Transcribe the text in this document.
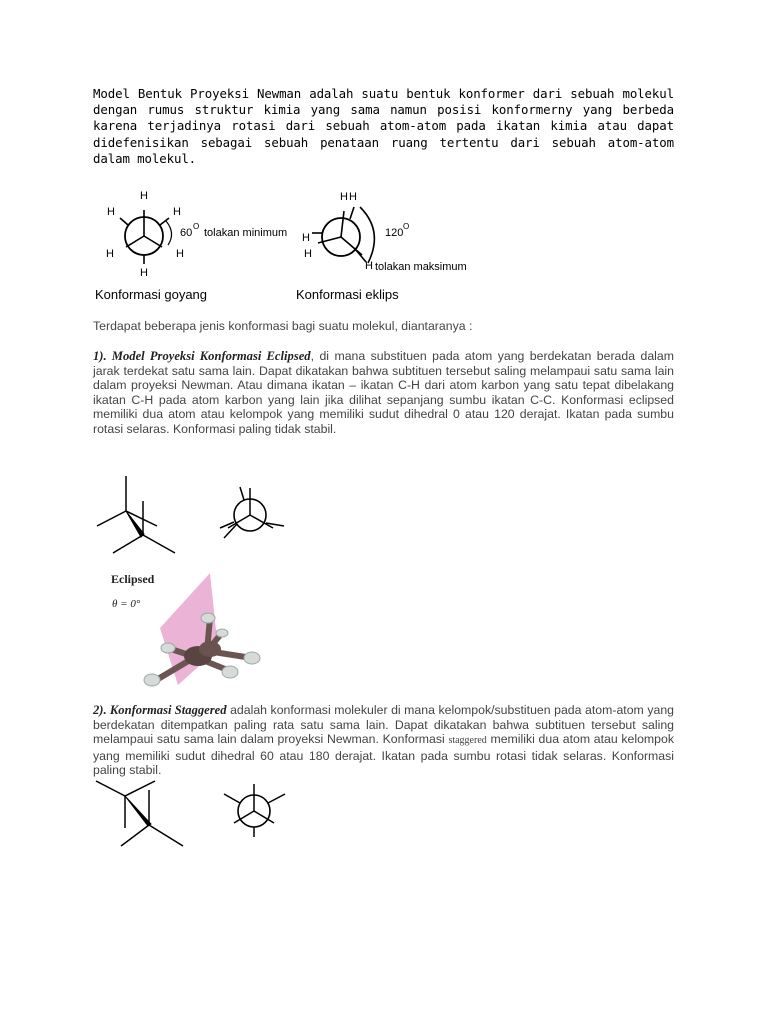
Model Bentuk Proyeksi Newman adalah suatu bentuk konformer dari sebuah molekul dengan rumus struktur kimia yang sama namun posisi konformerny yang berbeda karena terjadinya rotasi dari sebuah atom-atom pada ikatan kimia atau dapat didefenisikan sebagai sebuah penataan ruang tertentu dari sebuah atom-atom dalam molekul.
H
H	H
H	H
H
60
O
tolakan minimum
H H
H
H
H
120
O
tolakan maksimum
Konformasi goyang	Konformasi eklips
Terdapat beberapa jenis konformasi bagi suatu molekul, diantaranya :
1). Model Proyeksi Konformasi Eclipsed, di mana substituen pada atom yang berdekatan berada dalam jarak terdekat satu sama lain. Dapat dikatakan bahwa subtituen tersebut saling melampaui satu sama lain dalam proyeksi Newman. Atau dimana ikatan – ikatan C-H dari atom karbon yang satu tepat dibelakang ikatan C-H pada atom karbon yang lain jika dilihat sepanjang sumbu ikatan C-C. Konformasi eclipsed memiliki dua atom atau kelompok yang memiliki sudut dihedral 0 atau 120 derajat. Ikatan pada sumbu rotasi selaras. Konformasi paling tidak stabil.
Eclipsed
θ = 0°
2). Konformasi Staggered adalah konformasi molekuler di mana kelompok/substituen pada atom-atom yang berdekatan ditempatkan paling rata satu sama lain. Dapat dikatakan bahwa subtituen tersebut saling melampaui satu sama lain dalam proyeksi Newman. Konformasi staggered memiliki dua atom atau kelompok yang memiliki sudut dihedral 60 atau 180 derajat. Ikatan pada sumbu rotasi tidak selaras. Konformasi paling stabil.
